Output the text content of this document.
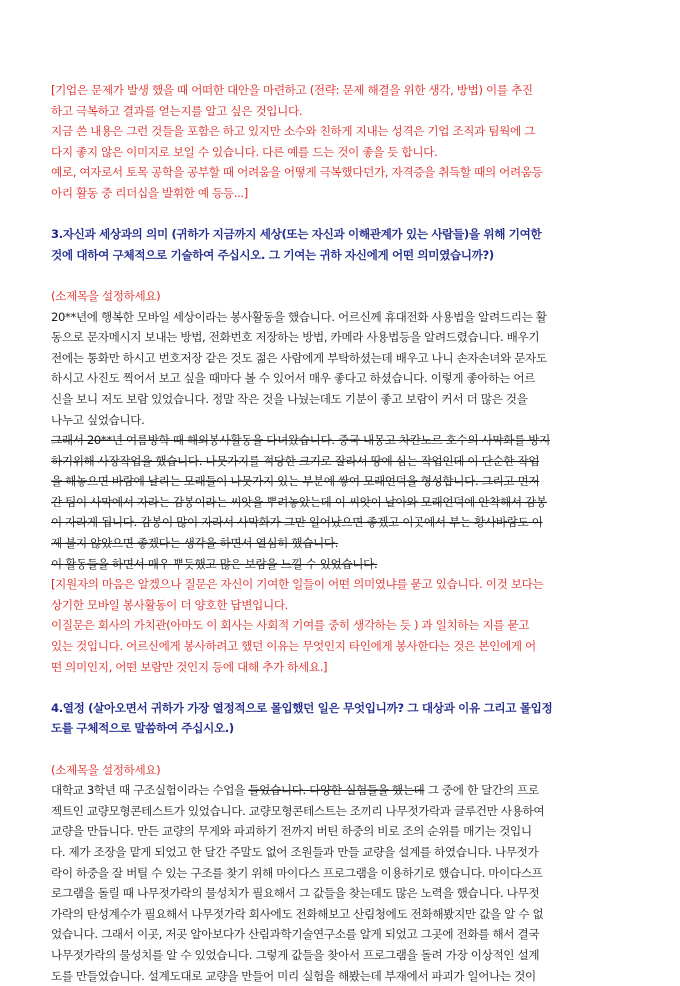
[기업은 문제가 발생 했을 때 어떠한 대안을 마련하고 (전략: 문제 해결을 위한 생각, 방법) 이를 추진
하고 극복하고 결과를 얻는지를 알고 싶은 것입니다.
지금 쓴 내용은 그런 것들을 포함은 하고 있지만 소수와 친하게 지내는 성격은 기업 조직과 팀웍에 그
다지 좋지 않은 이미지로 보일 수 있습니다. 다른 예를 드는 것이 좋을 듯 합니다.
예로, 여자로서 토목 공학을 공부할 때 어려움을 어떻게 극복했다던가, 자격증을 취득할 때의 어려움등
아리 활동 중 리더십을 발휘한 예 등등...]
3.자신과 세상과의 의미 (귀하가 지금까지 세상(또는 자신과 이해관계가 있는 사람들)을 위해 기여한
것에 대하여 구체적으로 기술하여 주십시오. 그 기여는 귀하 자신에게 어떤 의미였습니까?)
(소제목을 설정하세요)
20**년에 행복한 모바일 세상이라는 봉사활동을 했습니다. 어르신께 휴대전화 사용법을 알려드리는 활
동으로 문자메시지 보내는 방법, 전화번호 저장하는 방법, 카메라 사용법등을 알려드렸습니다. 배우기
전에는 통화만 하시고 번호저장 같은 것도 젊은 사람에게 부탁하셨는데 배우고 나니 손자손녀와 문자도
하시고 사진도 찍어서 보고 싶을 때마다 볼 수 있어서 매우 좋다고 하셨습니다. 이렇게 좋아하는 어르
신을 보니 저도 보람 있었습니다. 정말 작은 것을 나눴는데도 기분이 좋고 보람이 커서 더 많은 것을
나누고 싶었습니다.
그래서 20**년 여름방학 때 해외봉사활동을 다녀왔습니다. 중국 내몽고 차칸노르 호수의 사막화를 방지
하기위해 사장작업을 했습니다. 나뭇가지를 적당한 크기로 잘라서 땅에 심는 작업인데 이 단순한 작업
을 해놓으면 바람에 날리는 모래들이 나뭇가지 있는 부분에 쌓여 모래언덕을 형성합니다. 그리고 먼저
간 팀이 사막에서 자라는 감봉이라는 씨앗을 뿌려놓았는데 이 씨앗이 날아와 모래언덕에 안착해서 감봉
이 자라게 됩니다. 감봉이 많이 자라서 사막화가 그만 일어났으면 좋겠고 이곳에서 부는 황사바람도 이
제 불지 않았으면 좋겠다는 생각을 하면서 열심히 했습니다.
이 활동들을 하면서 매우 뿌듯했고 많은 보람을 느낄 수 있었습니다.
[지원자의 마음은 알겠으나 질문은 자신이 기여한 일들이 어떤 의미였냐를 묻고 있습니다. 이것 보다는
상기한 모바일 봉사활동이 더 양호한 답변입니다.
이질문은 회사의 가치관(아마도 이 회사는 사회적 기여를 중히 생각하는 듯 ) 과 일치하는 지를 묻고
있는 것입니다. 어르신에게 봉사하려고 했던 이유는 무엇인지 타인에게 봉사한다는 것은 본인에게 어
떤 의미인지, 어떤 보람만 것인지 등에 대해 추가 하세요.]
4.열정 (살아오면서 귀하가 가장 열정적으로 몰입했던 일은 무엇입니까? 그 대상과 이유 그리고 몰입정
도를 구체적으로 말씀하여 주십시오.)
(소제목을 설정하세요)
대학교 3학년 때 구조실험이라는 수업을 들었습니다. 다양한 실험들을 했는데 그 중에 한 달간의 프로
젝트인 교량모형콘테스트가 있었습니다. 교량모형콘테스트는 조끼리 나무젓가락과 글루건만 사용하여
교량을 만듭니다. 만든 교량의 무게와 파괴하기 전까지 버틴 하중의 비로 조의 순위를 매기는 것입니
다. 제가 조장을 맡게 되었고 한 달간 주말도 없어 조원들과 만들 교량을 설계를 하였습니다. 나무젓가
락이 하중을 잘 버틸 수 있는 구조를 찾기 위해 마이다스 프로그램을 이용하기로 했습니다. 마이다스프
로그램을 돌릴 때 나무젓가락의 물성치가 필요해서 그 값들을 찾는데도 많은 노력을 했습니다. 나무젓
가락의 탄성계수가 필요해서 나무젓가락 회사에도 전화해보고 산림청에도 전화해봤지만 값을 알 수 없
었습니다. 그래서 이곳, 저곳 알아보다가 산림과학기술연구소를 알게 되었고 그곳에 전화를 해서 결국
나무젓가락의 물성치를 알 수 있었습니다. 그렇게 값들을 찾아서 프로그램을 돌려 가장 이상적인 설계
도를 만들었습니다. 설계도대로 교량을 만들어 미리 실험을 해봤는데 부재에서 파괴가 일어나는 것이
